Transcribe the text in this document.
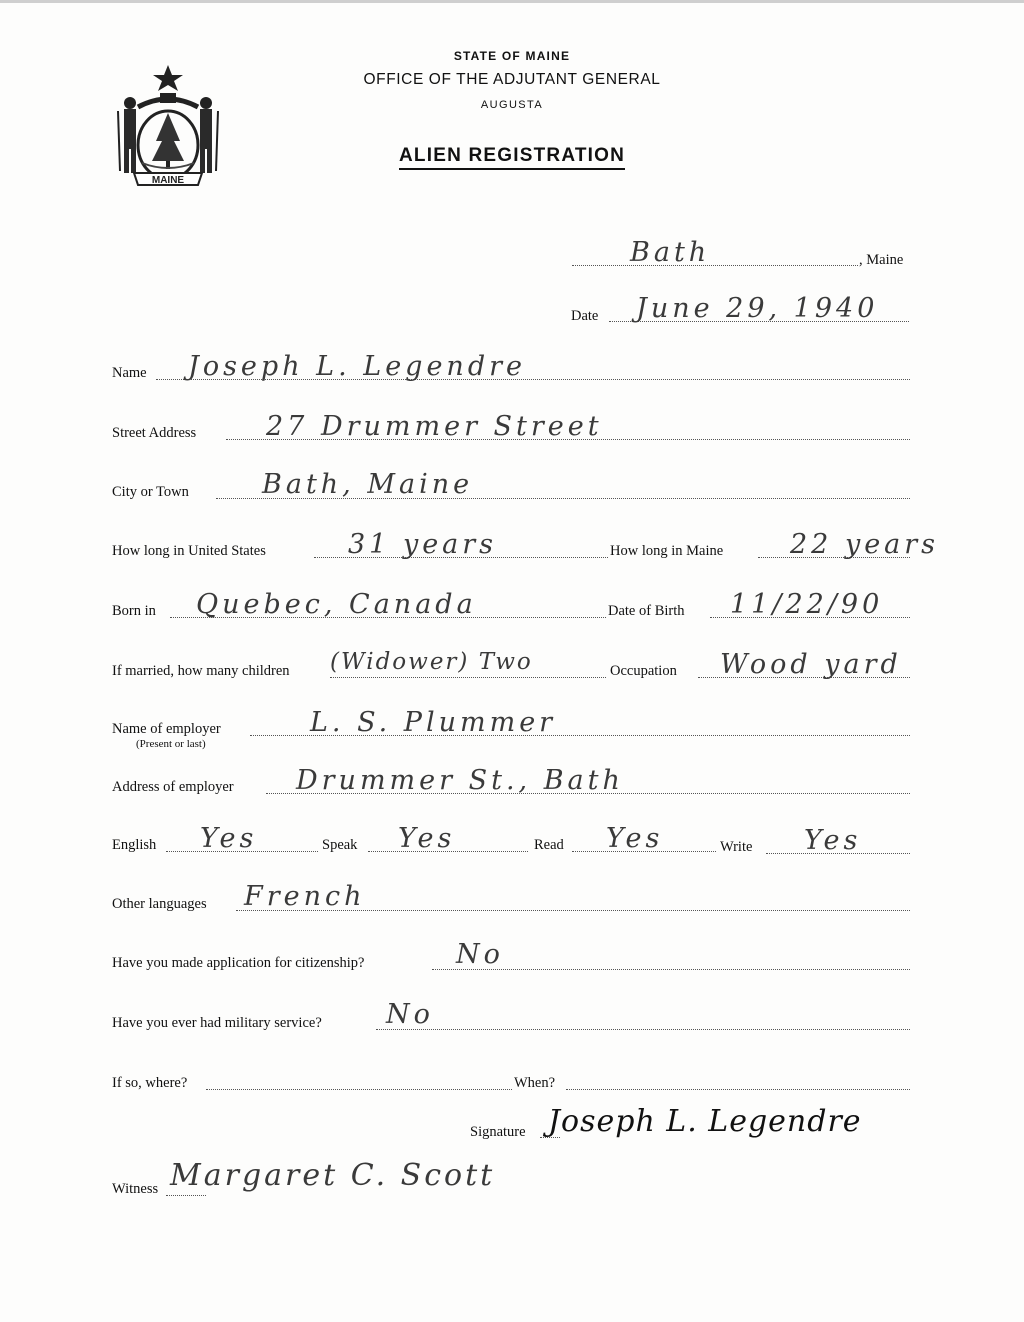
MAINE
STATE OF MAINE
OFFICE OF THE ADJUTANT GENERAL
AUGUSTA
ALIEN REGISTRATION
Bath	, Maine
Date June 29, 1940
Name Joseph L. Legendre
Street Address	27 Drummer Street
City or Town	Bath, Maine
How long in United States	31 years	How long in Maine 22 years
Born in Quebec, Canada	Date of Birth 11/22/90
If married, how many children (Widower) Two	Occupation Wood yard
Name of employer
(Present or last)
L. S. Plummer
Address of employer Drummer St., Bath
English Yes	Speak Yes	Read Yes	Write Yes
Other languages French
Have you made application for citizenship?	No
Have you ever had military service? No
If so, where?	When?
Signature Joseph L. Legendre
Witness Margaret C. Scott
